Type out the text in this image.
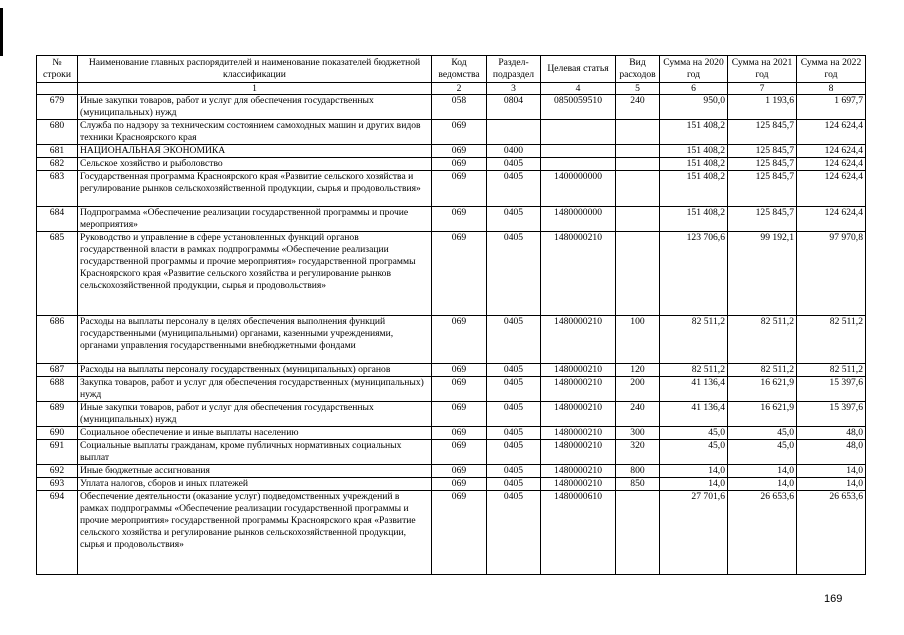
№ строки	Наименование главных распорядителей и наименование показателей бюджетной классификации	Код ведомства	Раздел-подраздел	Целевая статья	Вид расходов	Сумма на 2020 год	Сумма на 2021 год	Сумма на 2022 год
	1	2	3	4	5	6	7	8
679	Иные закупки товаров, работ и услуг для обеспечения государственных (муниципальных) нужд	058	0804	0850059510	240	950,0	1 193,6	1 697,7
680	Служба по надзору за техническим состоянием самоходных машин и других видов техники Красноярского края	069				151 408,2	125 845,7	124 624,4
681	НАЦИОНАЛЬНАЯ ЭКОНОМИКА	069	0400			151 408,2	125 845,7	124 624,4
682	Сельское хозяйство и рыболовство	069	0405			151 408,2	125 845,7	124 624,4
683	Государственная программа Красноярского края «Развитие сельского хозяйства и регулирование рынков сельскохозяйственной продукции, сырья и продовольствия»	069	0405	1400000000		151 408,2	125 845,7	124 624,4
684	Подпрограмма «Обеспечение реализации государственной программы и прочие мероприятия»	069	0405	1480000000		151 408,2	125 845,7	124 624,4
685	Руководство и управление в сфере установленных функций органов государственной власти в рамках подпрограммы «Обеспечение реализации государственной программы и прочие мероприятия» государственной программы Красноярского края «Развитие сельского хозяйства и регулирование рынков сельскохозяйственной продукции, сырья и продовольствия»	069	0405	1480000210		123 706,6	99 192,1	97 970,8
686	Расходы на выплаты персоналу в целях обеспечения выполнения функций государственными (муниципальными) органами, казенными учреждениями, органами управления государственными внебюджетными фондами	069	0405	1480000210	100	82 511,2	82 511,2	82 511,2
687	Расходы на выплаты персоналу государственных (муниципальных) органов	069	0405	1480000210	120	82 511,2	82 511,2	82 511,2
688	Закупка товаров, работ и услуг для обеспечения государственных (муниципальных) нужд	069	0405	1480000210	200	41 136,4	16 621,9	15 397,6
689	Иные закупки товаров, работ и услуг для обеспечения государственных (муниципальных) нужд	069	0405	1480000210	240	41 136,4	16 621,9	15 397,6
690	Социальное обеспечение и иные выплаты населению	069	0405	1480000210	300	45,0	45,0	48,0
691	Социальные выплаты гражданам, кроме публичных нормативных социальных выплат	069	0405	1480000210	320	45,0	45,0	48,0
692	Иные бюджетные ассигнования	069	0405	1480000210	800	14,0	14,0	14,0
693	Уплата налогов, сборов и иных платежей	069	0405	1480000210	850	14,0	14,0	14,0
694	Обеспечение деятельности (оказание услуг) подведомственных учреждений в рамках подпрограммы «Обеспечение реализации государственной программы и прочие мероприятия» государственной программы Красноярского края «Развитие сельского хозяйства и регулирование рынков сельскохозяйственной продукции, сырья и продовольствия»	069	0405	1480000610		27 701,6	26 653,6	26 653,6
169
